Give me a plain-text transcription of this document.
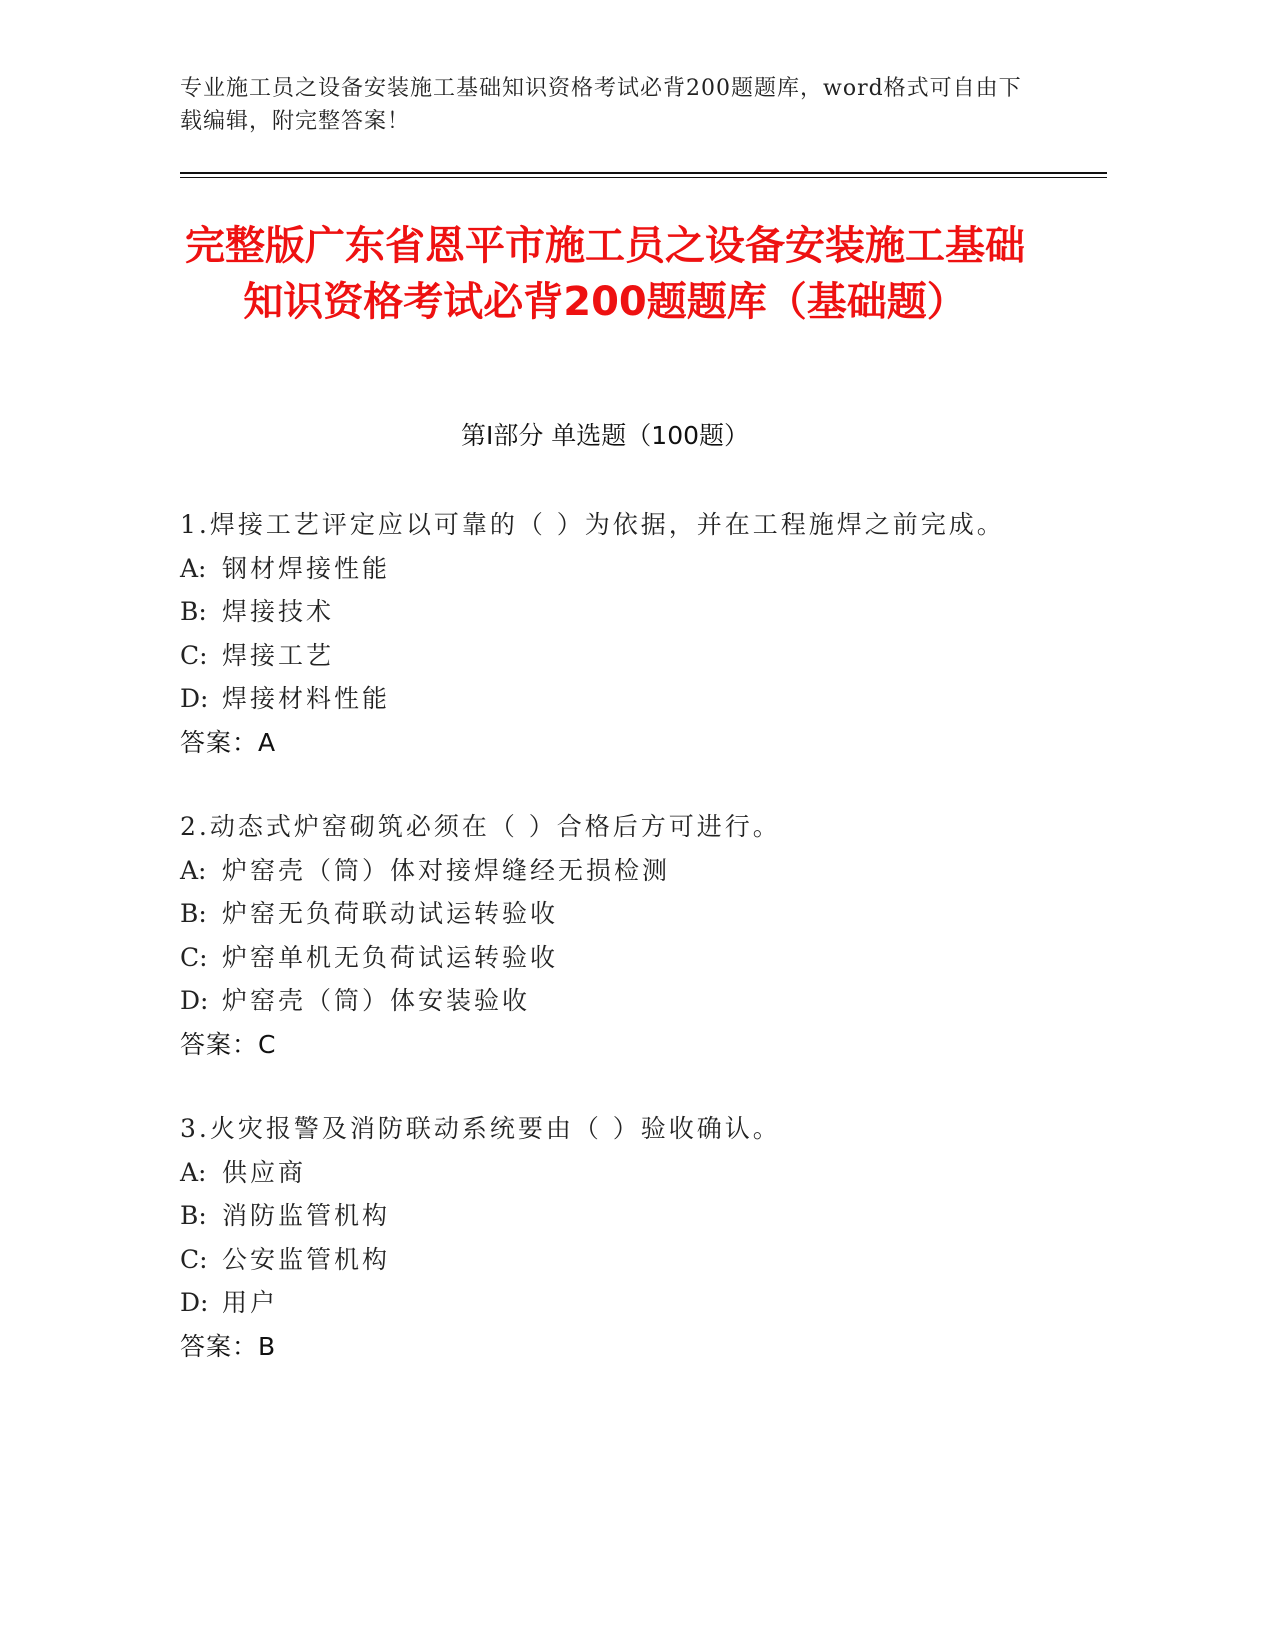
专业施工员之设备安装施工基础知识资格考试必背200题题库，word格式可自由下载编辑，附完整答案！
完整版广东省恩平市施工员之设备安装施工基础知识资格考试必背200题题库（基础题）
第Ⅰ部分 单选题（100题）
1.焊接工艺评定应以可靠的（ ）为依据，并在工程施焊之前完成。
A: 钢材焊接性能
B: 焊接技术
C: 焊接工艺
D: 焊接材料性能
答案：A
2.动态式炉窑砌筑必须在（ ）合格后方可进行。
A: 炉窑壳（筒）体对接焊缝经无损检测
B: 炉窑无负荷联动试运转验收
C: 炉窑单机无负荷试运转验收
D: 炉窑壳（筒）体安装验收
答案：C
3.火灾报警及消防联动系统要由（ ）验收确认。
A: 供应商
B: 消防监管机构
C: 公安监管机构
D: 用户
答案：B
